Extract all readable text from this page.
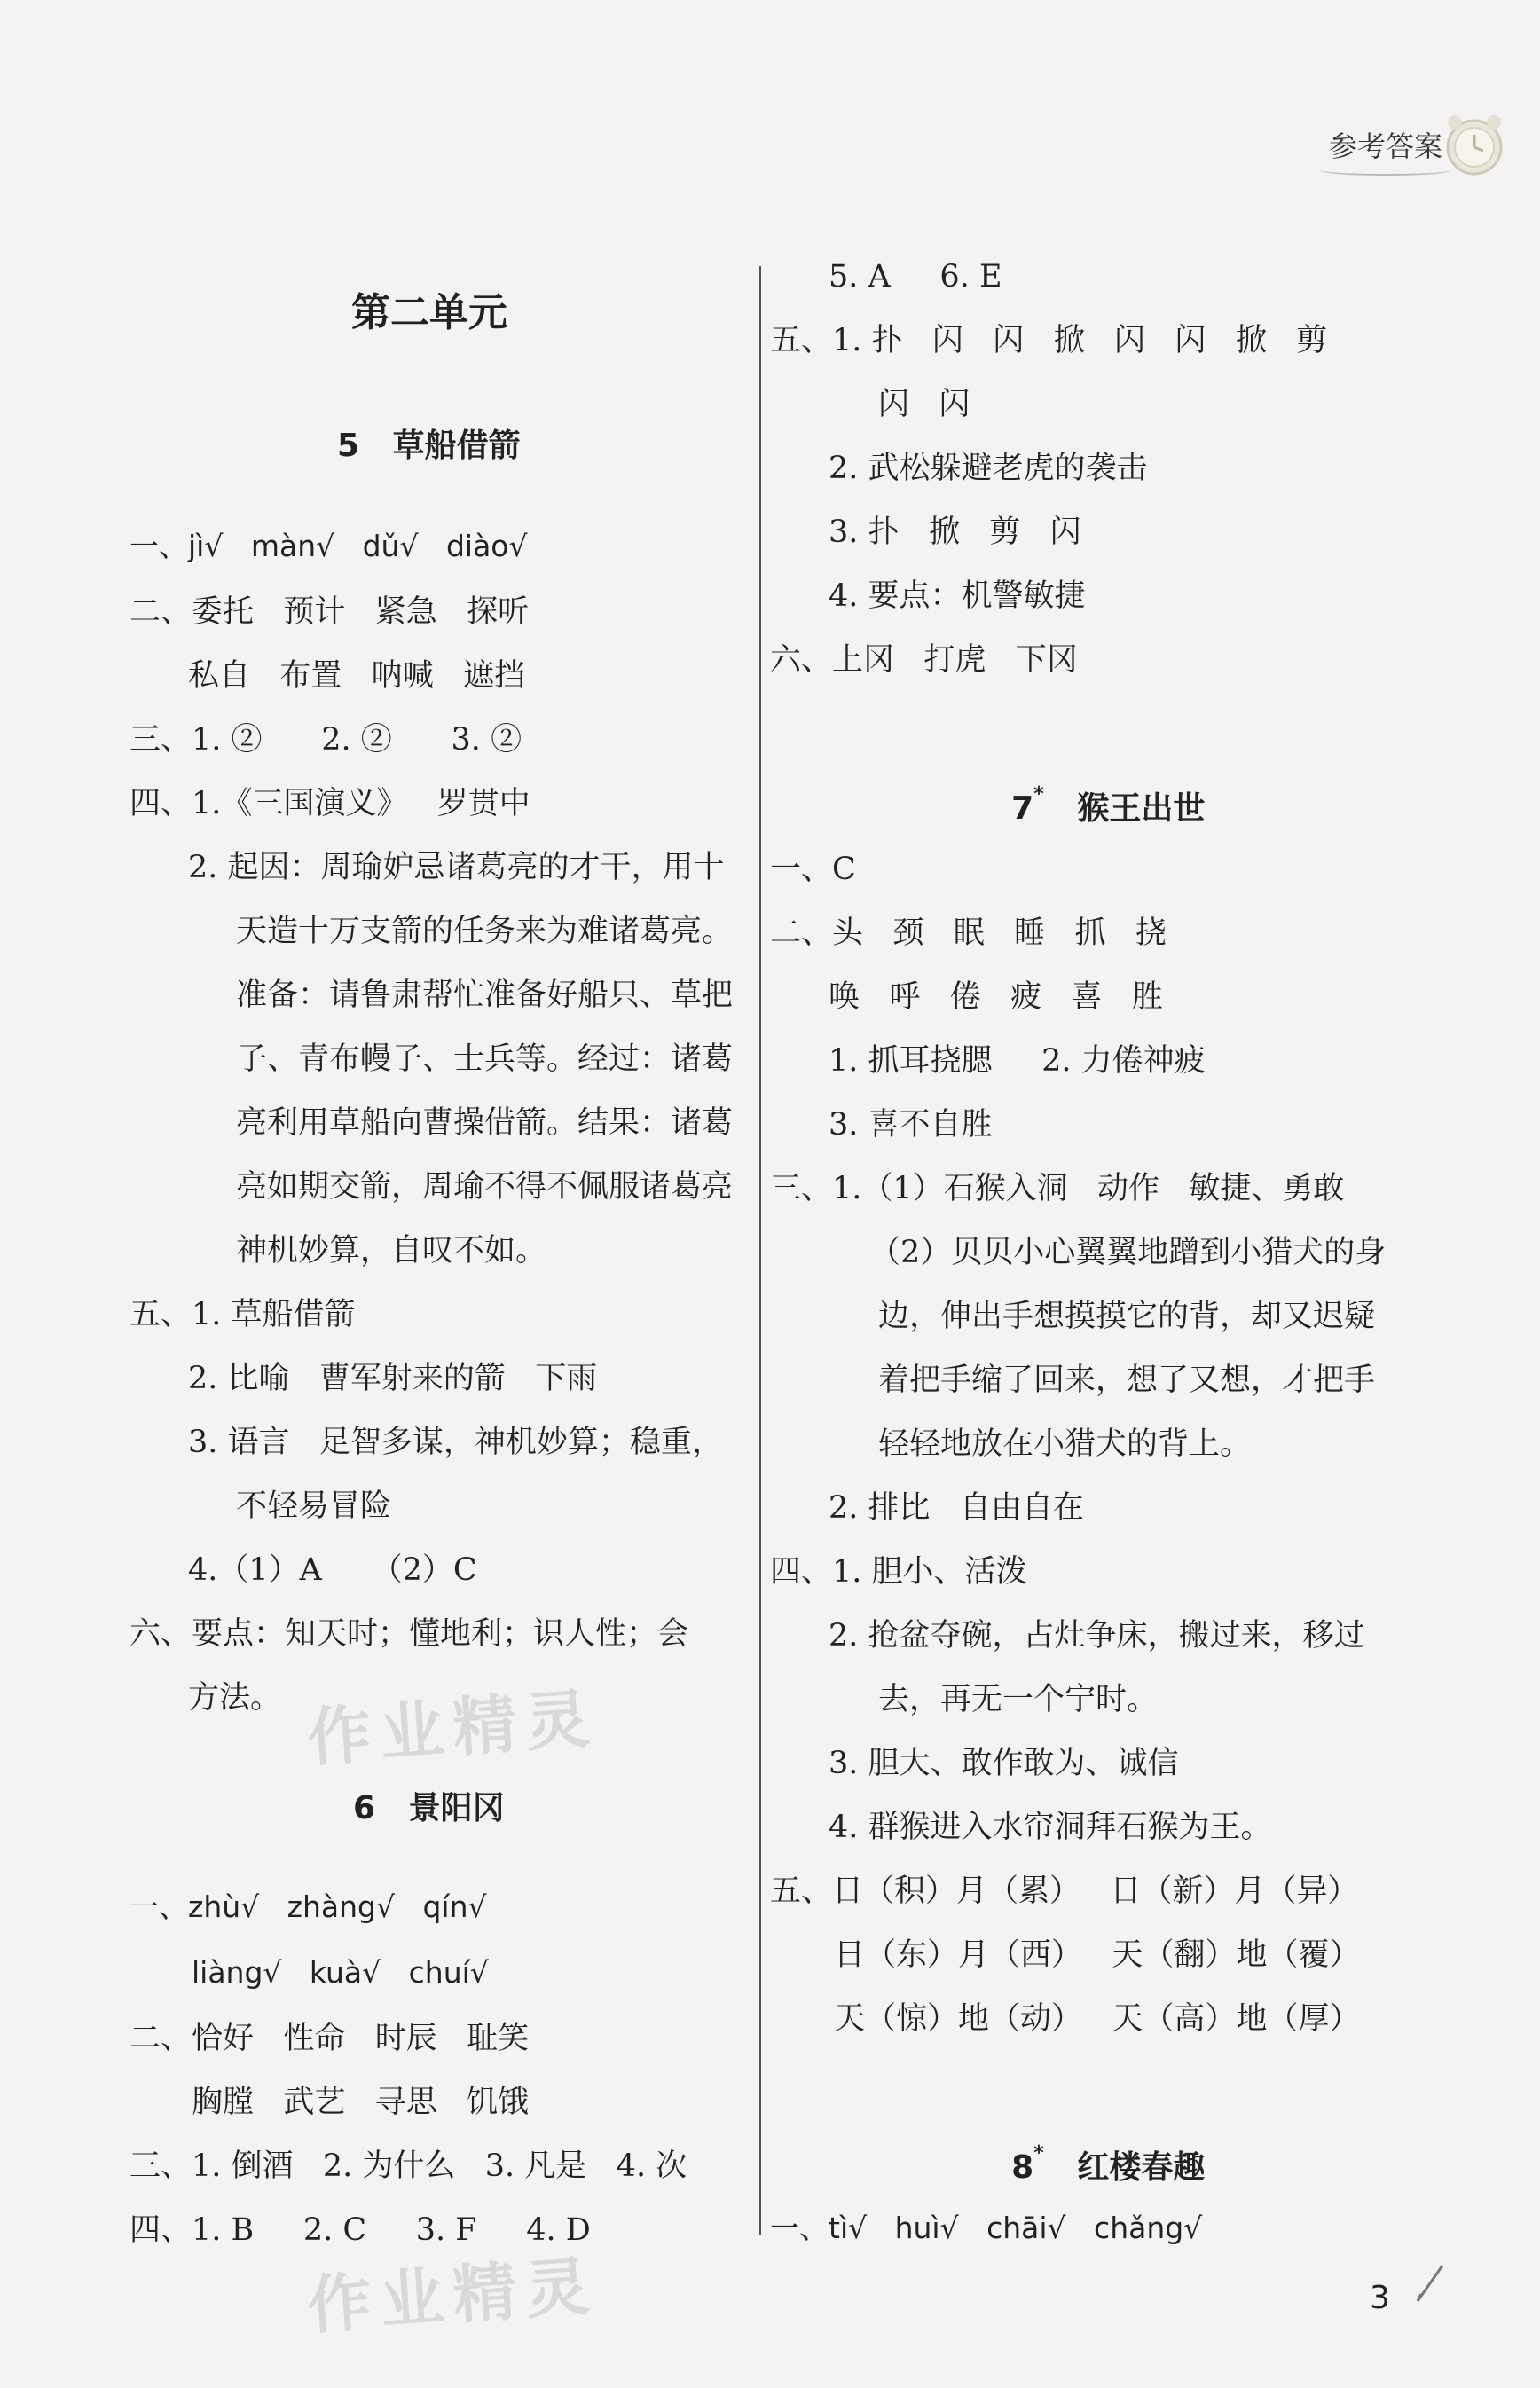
参考答案
第二单元
5   草船借箭
一、jì√   màn√   dǔ√   diào√
二、委托   预计   紧急   探听
私自   布置   呐喊   遮挡
三、1. ②      2. ②      3. ②
四、1.《三国演义》   罗贯中
2. 起因：周瑜妒忌诸葛亮的才干，用十
天造十万支箭的任务来为难诸葛亮。
准备：请鲁肃帮忙准备好船只、草把
子、青布幔子、士兵等。经过：诸葛
亮利用草船向曹操借箭。结果：诸葛
亮如期交箭，周瑜不得不佩服诸葛亮
神机妙算，自叹不如。
五、1. 草船借箭
2. 比喻   曹军射来的箭   下雨
3. 语言   足智多谋，神机妙算；稳重，
不轻易冒险
4.（1）A     （2）C
六、要点：知天时；懂地利；识人性；会
方法。
6   景阳冈
一、zhù√   zhàng√   qín√
liàng√   kuà√   chuí√
二、恰好   性命   时辰   耻笑
胸膛   武艺   寻思   饥饿
三、1. 倒酒   2. 为什么   3. 凡是   4. 次
四、1. B     2. C     3. F     4. D
5. A     6. E
五、1. 扑   闪   闪   掀   闪   闪   掀   剪
闪   闪
2. 武松躲避老虎的袭击
3. 扑   掀   剪   闪
4. 要点：机警敏捷
六、上冈   打虎   下冈

7* 猴王出世

一、C
二、头   颈   眠   睡   抓   挠
唤   呼   倦   疲   喜   胜
1. 抓耳挠腮     2. 力倦神疲
3. 喜不自胜
三、1.（1）石猴入洞   动作   敏捷、勇敢
（2）贝贝小心翼翼地蹭到小猎犬的身
边，伸出手想摸摸它的背，却又迟疑
着把手缩了回来，想了又想，才把手
轻轻地放在小猎犬的背上。
2. 排比   自由自在
四、1. 胆小、活泼
2. 抢盆夺碗，占灶争床，搬过来，移过
去，再无一个宁时。
3. 胆大、敢作敢为、诚信
4. 群猴进入水帘洞拜石猴为王。
五、日（积）月（累）   日（新）月（异）
日（东）月（西）   天（翻）地（覆）
天（惊）地（动）   天（高）地（厚）

8* 红楼春趣

一、tì√   huì√   chāi√   chǎng√
作业精灵
作业精灵	3
